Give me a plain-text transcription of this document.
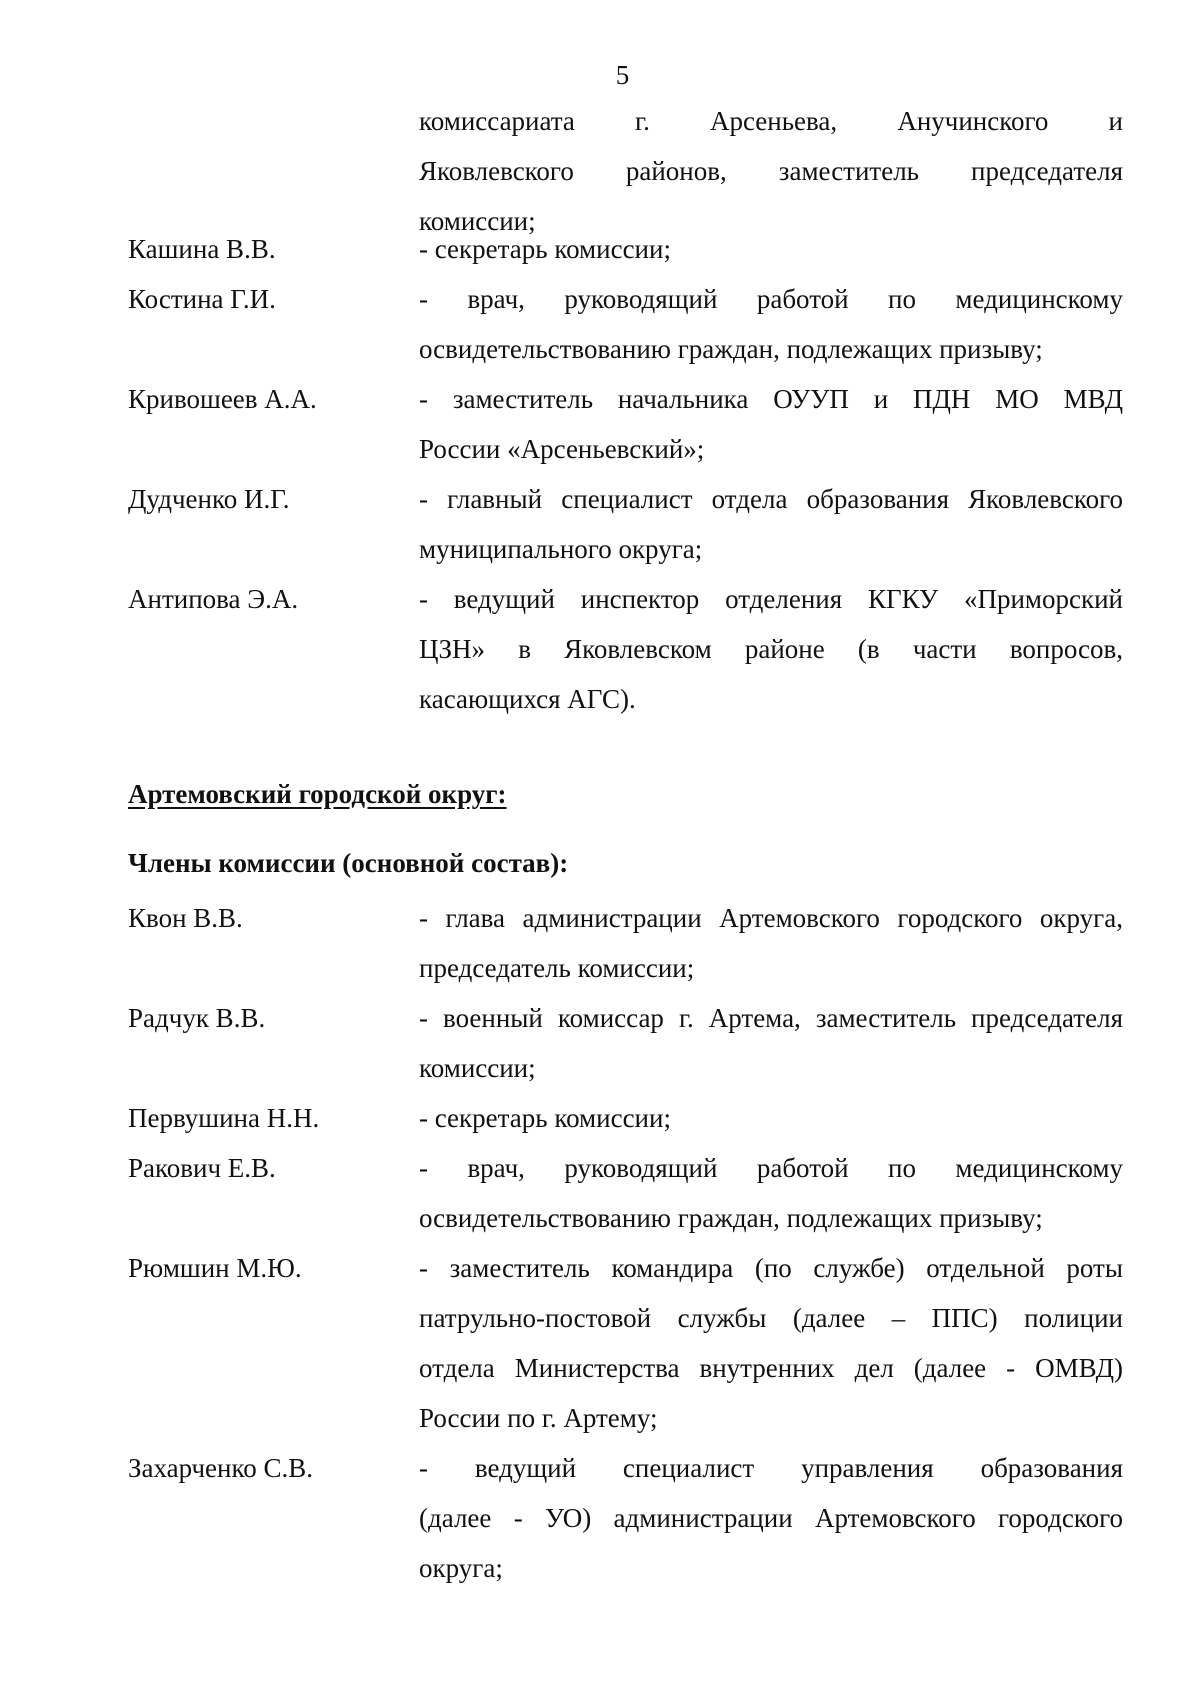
5
комиссариата г. Арсеньева, Анучинского и
Яковлевского районов, заместитель председателя
комиссии;
Кашина В.В.	- секретарь комиссии;
Костина Г.И.	- врач, руководящий работой по медицинскому
освидетельствованию граждан, подлежащих призыву;
Кривошеев А.А.	- заместитель начальника ОУУП и ПДН МО МВД
России «Арсеньевский»;
Дудченко И.Г.	- главный специалист отдела образования Яковлевского
муниципального округа;
Антипова Э.А.	- ведущий инспектор отделения КГКУ «Приморский
ЦЗН» в Яковлевском районе (в части вопросов,
касающихся АГС).
Артемовский городской округ:
Члены комиссии (основной состав):
Квон В.В.	- глава администрации Артемовского городского округа,
председатель комиссии;
Радчук В.В.	- военный комиссар г. Артема, заместитель председателя
комиссии;
Первушина Н.Н.	- секретарь комиссии;
Ракович Е.В.	- врач, руководящий работой по медицинскому
освидетельствованию граждан, подлежащих призыву;
Рюмшин М.Ю.	- заместитель командира (по службе) отдельной роты
патрульно-постовой службы (далее – ППС) полиции
отдела Министерства внутренних дел (далее - ОМВД)
России по г. Артему;
Захарченко С.В.	- ведущий специалист управления образования
(далее - УО) администрации Артемовского городского
округа;
